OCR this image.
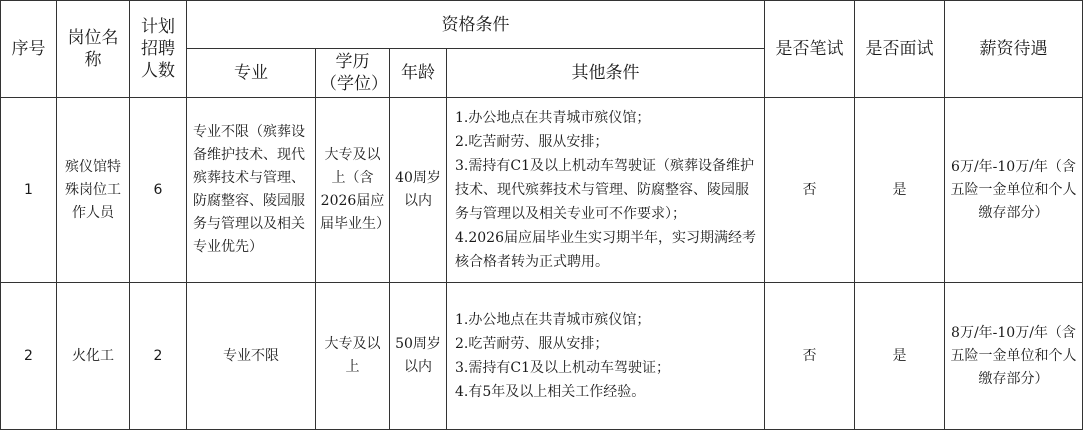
序号	岗位名称	计划招聘人数	资格条件				是否笔试	是否面试	薪资待遇
			专业	学历（学位）	年龄	其他条件			
1	殡仪馆特殊岗位工作人员	6	专业不限（殡葬设备维护技术、现代殡葬技术与管理、防腐整容、陵园服务与管理以及相关专业优先）	大专及以上（含2026届应届毕业生）	40周岁以内	1.办公地点在共青城市殡仪馆；
2.吃苦耐劳、服从安排；
3.需持有C1及以上机动车驾驶证（殡葬设备维护技术、现代殡葬技术与管理、防腐整容、陵园服务与管理以及相关专业可不作要求）；
4.2026届应届毕业生实习期半年，实习期满经考核合格者转为正式聘用。	否	是	6万/年-10万/年（含五险一金单位和个人缴存部分）
2	火化工	2	专业不限	大专及以上	50周岁以内	1.办公地点在共青城市殡仪馆；
2.吃苦耐劳、服从安排；
3.需持有C1及以上机动车驾驶证；
4.有5年及以上相关工作经验。	否	是	8万/年-10万/年（含五险一金单位和个人缴存部分）
